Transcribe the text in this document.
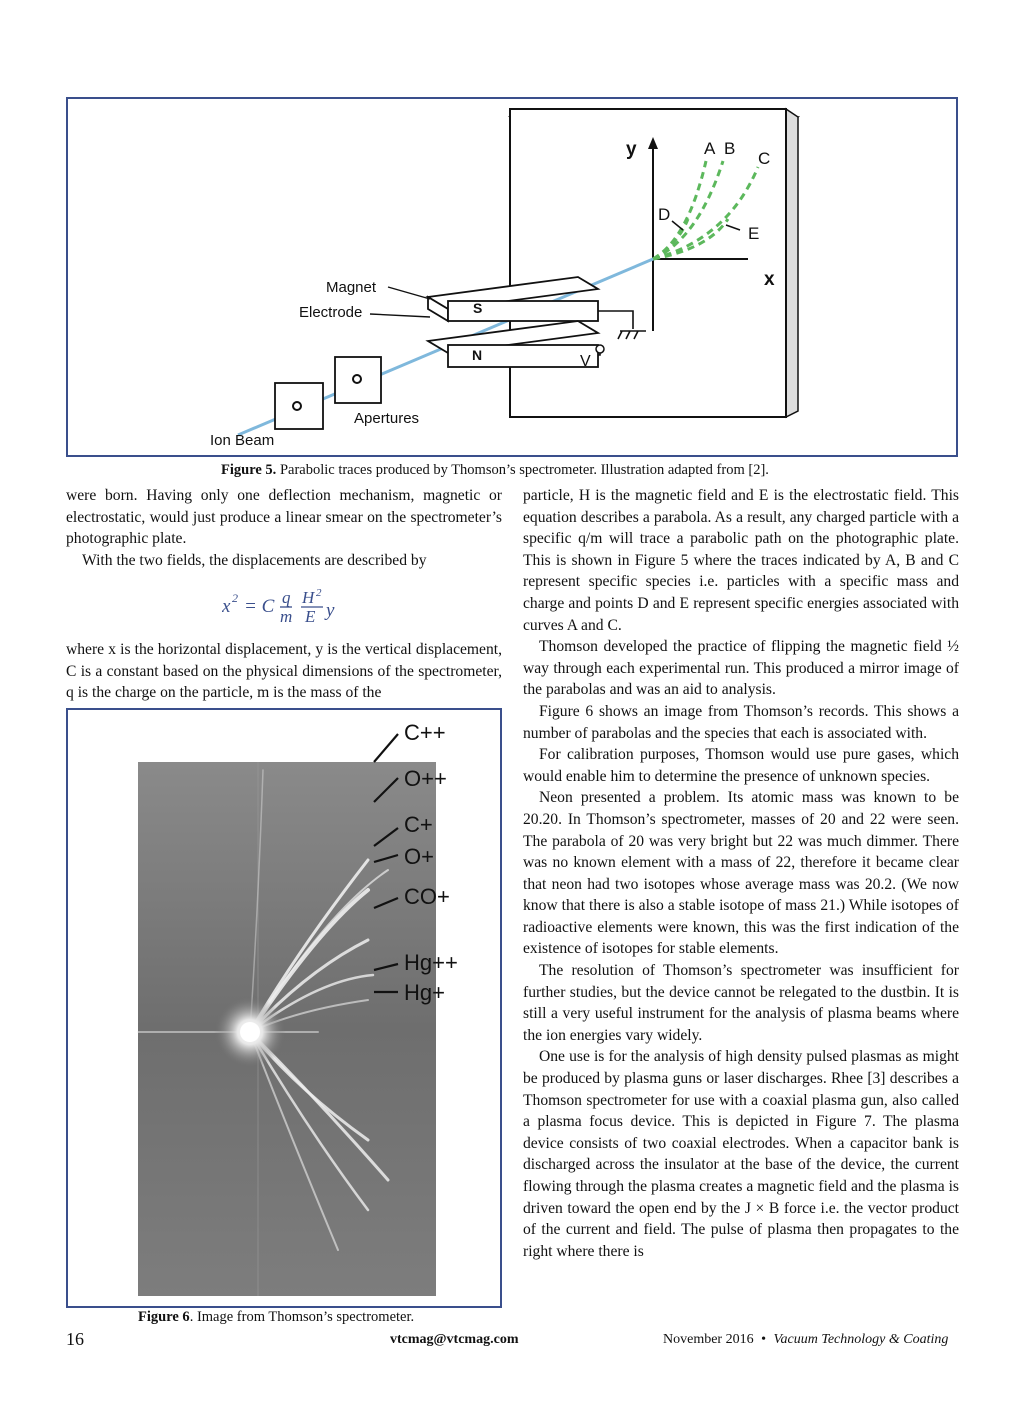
y
x
A B
C
D
E
Magnet
Electrode	S
N	V
Apertures
Ion Beam
Figure 5. Parabolic traces produced by Thomson’s spectrometer. Illustration adapted from [2].

were born. Having only one deflection mechanism, magnetic or electrostatic, would just produce a linear smear on the spectrometer’s photographic plate.

With the two fields, the displacements are described by

x 2 = C q
m
H 2
E y

where x is the horizontal displacement, y is the vertical displacement, C is a constant based on the physical dimensions of the spectrometer, q is the charge on the particle, m is the mass of the

C++
O++
C+
O+
CO+
Hg++
Hg+
Figure 6. Image from Thomson’s spectrometer.

particle, H is the magnetic field and E is the electrostatic field. This equation describes a parabola. As a result, any charged particle with a specific q/m will trace a parabolic path on the photographic plate. This is shown in Figure 5 where the traces indicated by A, B and C represent specific species i.e. particles with a specific mass and charge and points D and E represent specific energies associated with curves A and C.

Thomson developed the practice of flipping the magnetic field ½ way through each experimental run. This produced a mirror image of the parabolas and was an aid to analysis.

Figure 6 shows an image from Thomson’s records. This shows a number of parabolas and the species that each is associated with.

For calibration purposes, Thomson would use pure gases, which would enable him to determine the presence of unknown species.

Neon presented a problem. Its atomic mass was known to be 20.20. In Thomson’s spectrometer, masses of 20 and 22 were seen. The parabola of 20 was very bright but 22 was much dimmer. There was no known element with a mass of 22, therefore it became clear that neon had two isotopes whose average mass was 20.2. (We now know that there is also a stable isotope of mass 21.) While isotopes of radioactive elements were known, this was the first indication of the existence of isotopes for stable elements.

The resolution of Thomson’s spectrometer was insufficient for further studies, but the device cannot be relegated to the dustbin. It is still a very useful instrument for the analysis of plasma beams where the ion energies vary widely.

One use is for the analysis of high density pulsed plasmas as might be produced by plasma guns or laser discharges. Rhee [3] describes a Thomson spectrometer for use with a coaxial plasma gun, also called a plasma focus device. This is depicted in Figure 7. The plasma device consists of two coaxial electrodes. When a capacitor bank is discharged across the insulator at the base of the device, the current flowing through the plasma creates a magnetic field and the plasma is driven toward the open end by the J × B force i.e. the vector product of the current and field. The pulse of plasma then propagates to the right where there is

16	vtcmag@vtcmag.com	November 2016 • Vacuum Technology & Coating
